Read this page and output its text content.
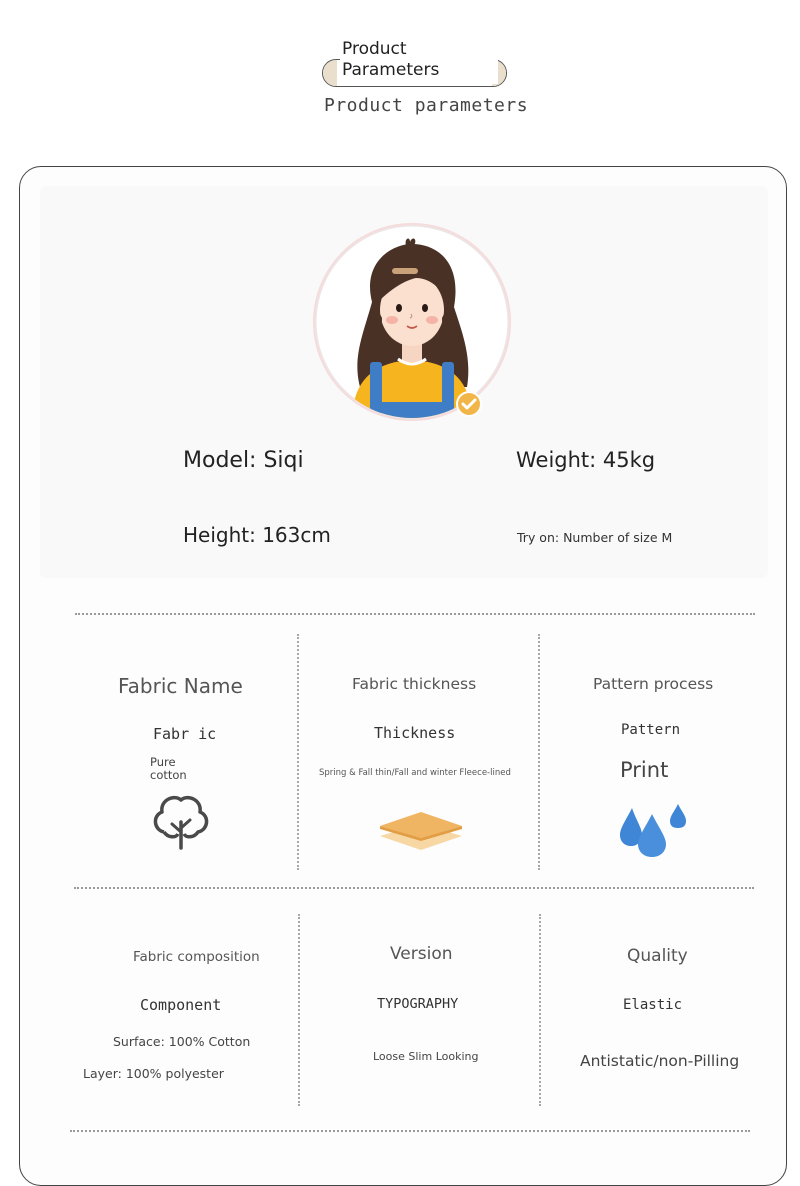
Product Parameters
Product parameters
Model: Siqi	Weight: 45kg
Height: 163cm	Try on: Number of size M
Fabric Name
Fabr ic
Pure cotton
Fabric thickness
Thickness
Spring & Fall thin/Fall and winter Fleece-lined
Pattern process
Pattern
Print
Fabric composition
Component
Surface: 100% Cotton
Layer: 100% polyester
Version
TYPOGRAPHY
Loose Slim Looking
Quality
Elastic
Antistatic/non-Pilling
